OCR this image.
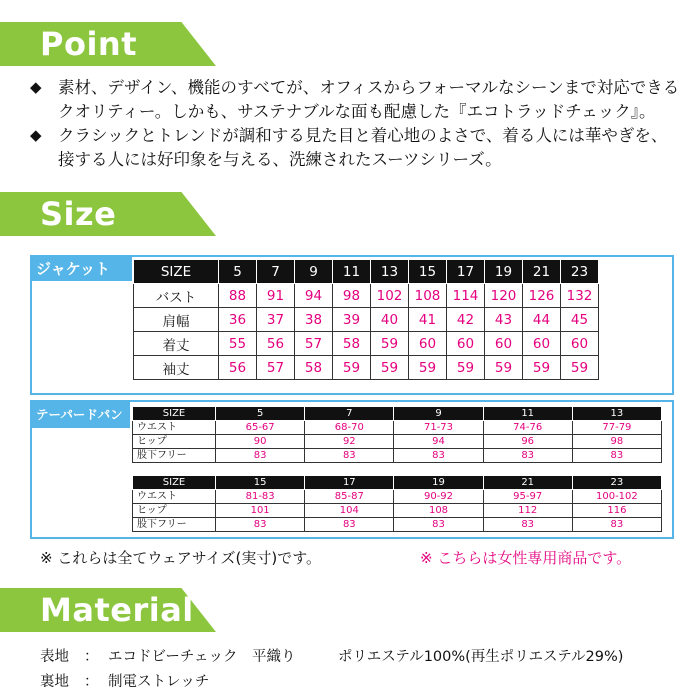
Point
◆ 素材、デザイン、機能のすべてが、オフィスからフォーマルなシーンまで対応できる
クオリティー。しかも、サステナブルな面も配慮した『エコトラッドチェック』。
◆ クラシックとトレンドが調和する見た目と着心地のよさで、着る人には華やぎを、
接する人には好印象を与える、洗練されたスーツシリーズ。
Size
ジャケット	SIZE	5	7	9	11	13	15	17	19	21	23
バスト	88	91	94	98	102	108	114	120	126	132
肩幅	36	37	38	39	40	41	42	43	44	45
着丈	55	56	57	58	59	60	60	60	60	60
袖丈	56	57	58	59	59	59	59	59	59	59
テーパードパンツ
SIZE	5	7	9	11	13
ウエスト	65-67	68-70	71-73	74-76	77-79
ヒップ	90	92	94	96	98
股下フリー	83	83	83	83	83
SIZE	15	17	19	21	23
ウエスト	81-83	85-87	90-92	95-97	100-102
ヒップ	101	104	108	112	116
股下フリー	83	83	83	83	83
※ これらは全てウェアサイズ(実寸)です。	※ こちらは女性専用商品です。
Material
表地	： エコドビーチェック　平織り	ポリエステル100%(再生ポリエステル29%)
裏地	： 制電ストレッチ
